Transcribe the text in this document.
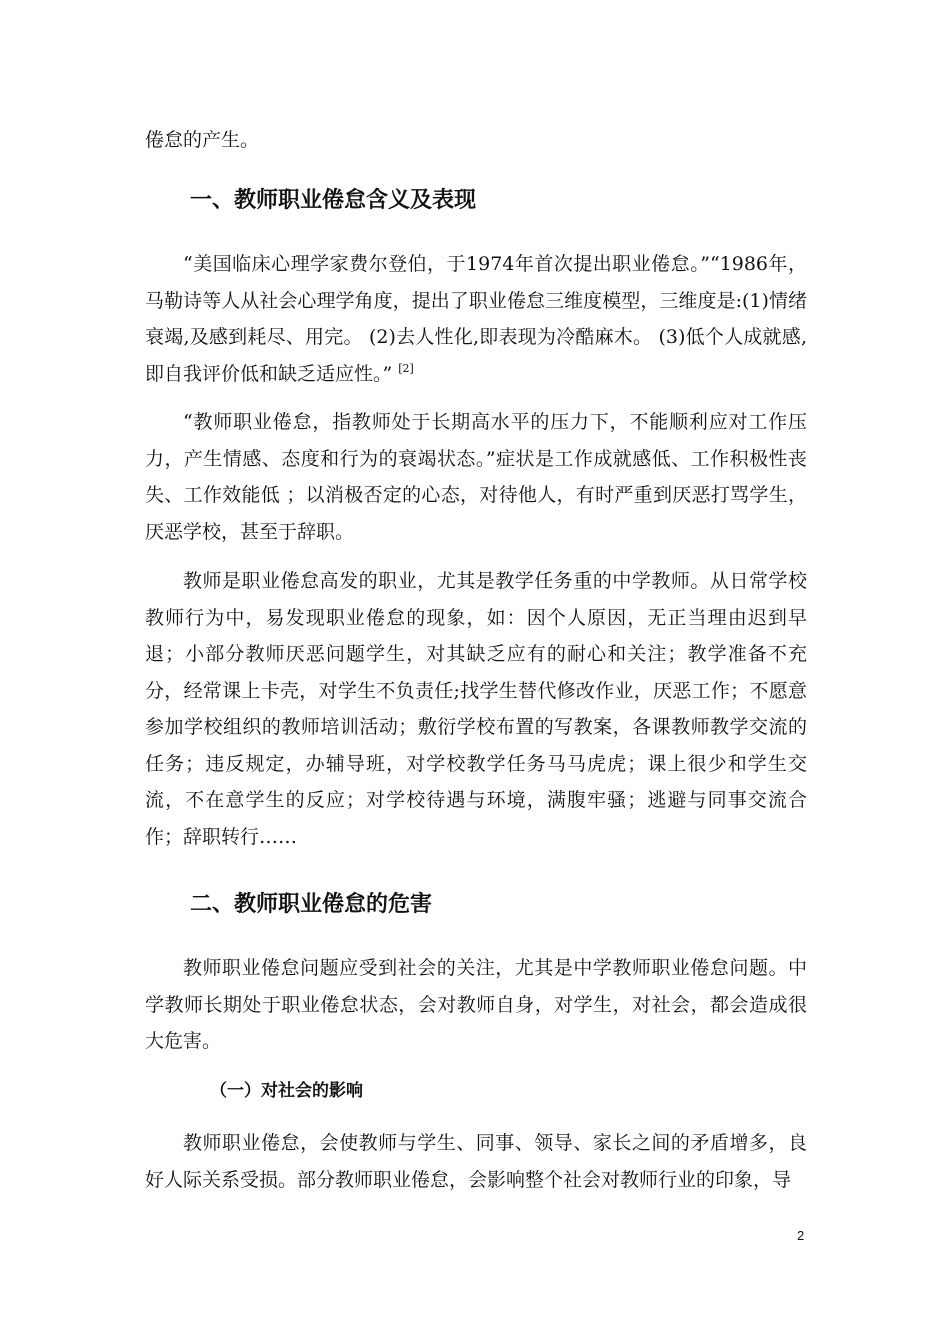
倦怠的产生。

一、教师职业倦怠含义及表现

“美国临床心理学家费尔登伯，于1974年首次提出职业倦怠。”“1986年，马勒诗等人从社会心理学角度，提出了职业倦怠三维度模型，三维度是:(1)情绪衰竭,及感到耗尽、用完。 (2)去人性化,即表现为冷酷麻木。 (3)低个人成就感,即自我评价低和缺乏适应性。” [2]

“教师职业倦怠，指教师处于长期高水平的压力下，不能顺利应对工作压力，产生情感、态度和行为的衰竭状态。”症状是工作成就感低、工作积极性丧失、工作效能低 ；以消极否定的心态，对待他人，有时严重到厌恶打骂学生，厌恶学校，甚至于辞职。

教师是职业倦怠高发的职业，尤其是教学任务重的中学教师。从日常学校教师行为中，易发现职业倦怠的现象，如：因个人原因，无正当理由迟到早退；小部分教师厌恶问题学生，对其缺乏应有的耐心和关注；教学准备不充分，经常课上卡壳，对学生不负责任;找学生替代修改作业，厌恶工作；不愿意参加学校组织的教师培训活动；敷衍学校布置的写教案，各课教师教学交流的任务；违反规定，办辅导班，对学校教学任务马马虎虎；课上很少和学生交流，不在意学生的反应；对学校待遇与环境，满腹牢骚；逃避与同事交流合作；辞职转行……

二、教师职业倦怠的危害

教师职业倦怠问题应受到社会的关注，尤其是中学教师职业倦怠问题。中学教师长期处于职业倦怠状态，会对教师自身，对学生，对社会，都会造成很大危害。

（一）对社会的影响

教师职业倦怠，会使教师与学生、同事、领导、家长之间的矛盾增多，良好人际关系受损。部分教师职业倦怠，会影响整个社会对教师行业的印象，导

2
